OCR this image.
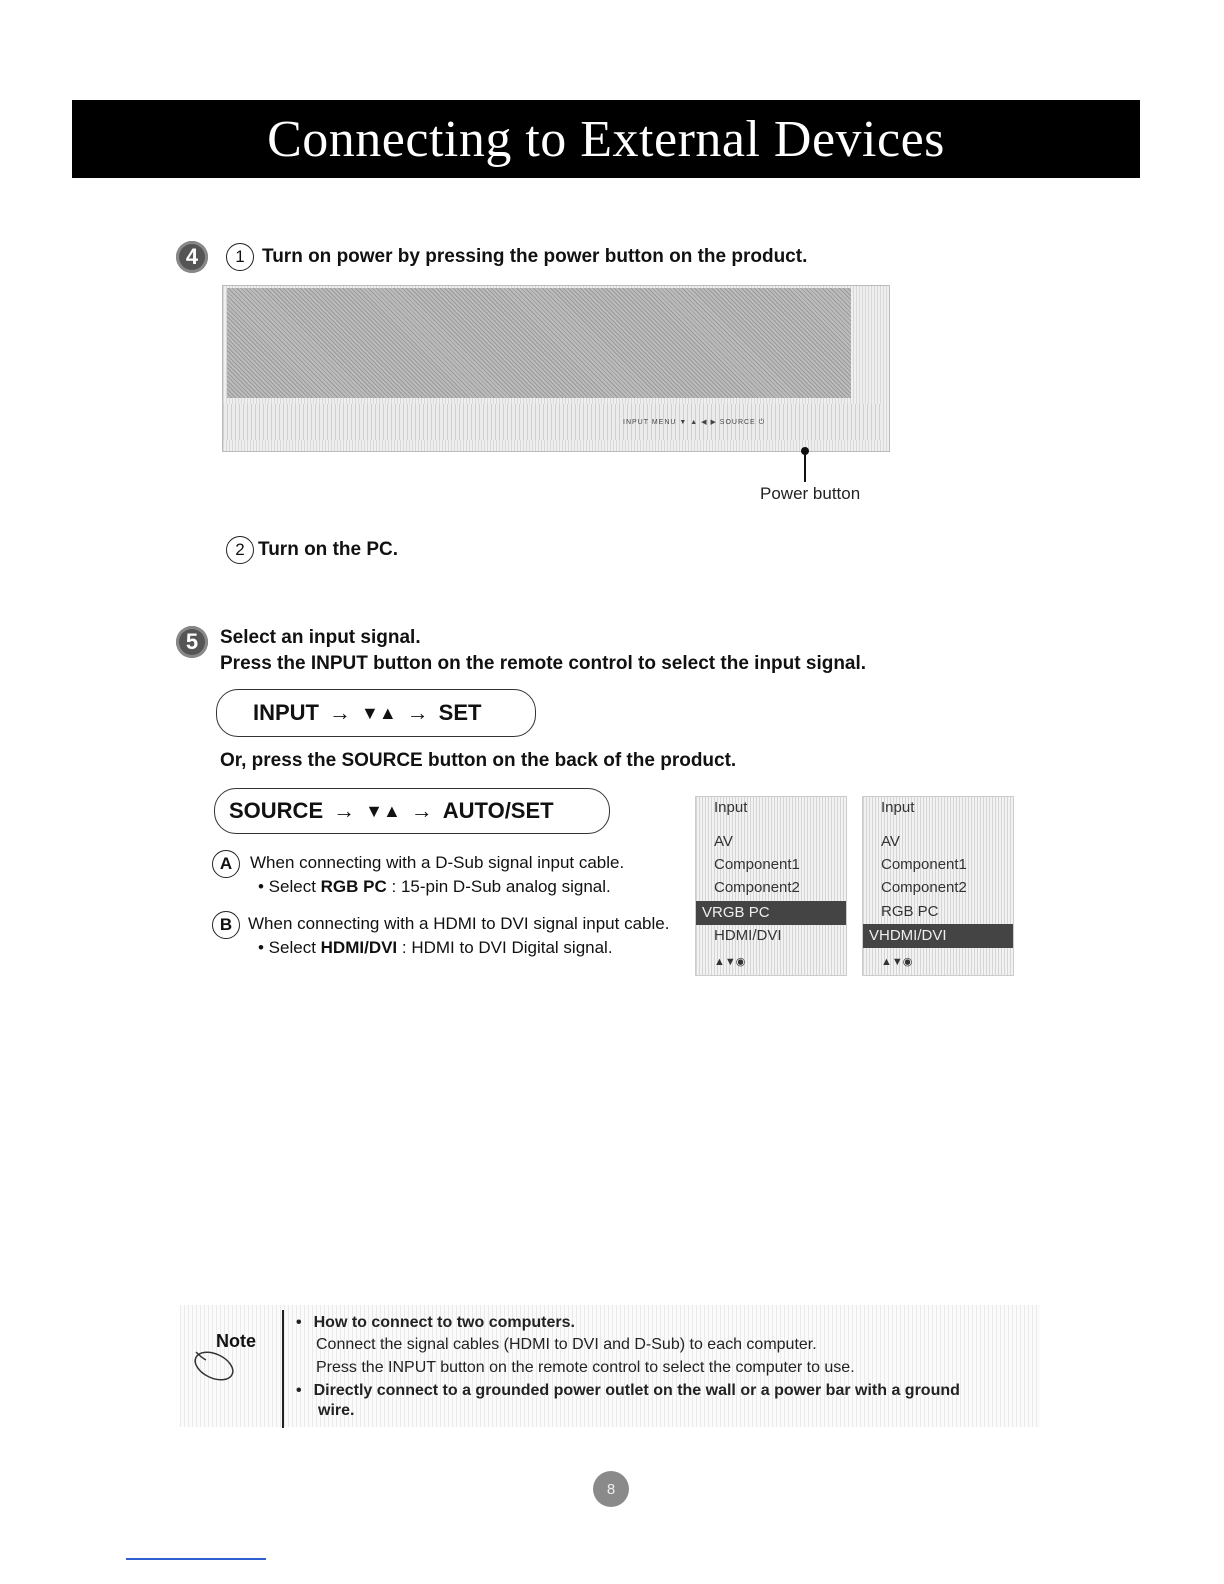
Connecting to External Devices
4	1 Turn on power by pressing the power button on the product.
INPUT MENU ▼ ▲ ◀ ▶ SOURCE ⏻
Power button
2 Turn on the PC.
5	Select an input signal.
Press the INPUT button on the remote control to select the input signal.
INPUT → ▼▲ → SET
Or, press the SOURCE button on the back of the product.
SOURCE → ▼▲ → AUTO/SET
A	When connecting with a D-Sub signal input cable.
• Select RGB PC : 15-pin D-Sub analog signal.
B When connecting with a HDMI to DVI signal input cable.
• Select HDMI/DVI : HDMI to DVI Digital signal.
Input
AV
Component1
Component2
VRGB PC
HDMI/DVI
▲▼◉
Input
AV
Component1
Component2
RGB PC
VHDMI/DVI
▲▼◉
Note
• How to connect to two computers.
Connect the signal cables (HDMI to DVI and D-Sub) to each computer.
Press the INPUT button on the remote control to select the computer to use.
• Directly connect to a grounded power outlet on the wall or a power bar with a ground
wire.
8
